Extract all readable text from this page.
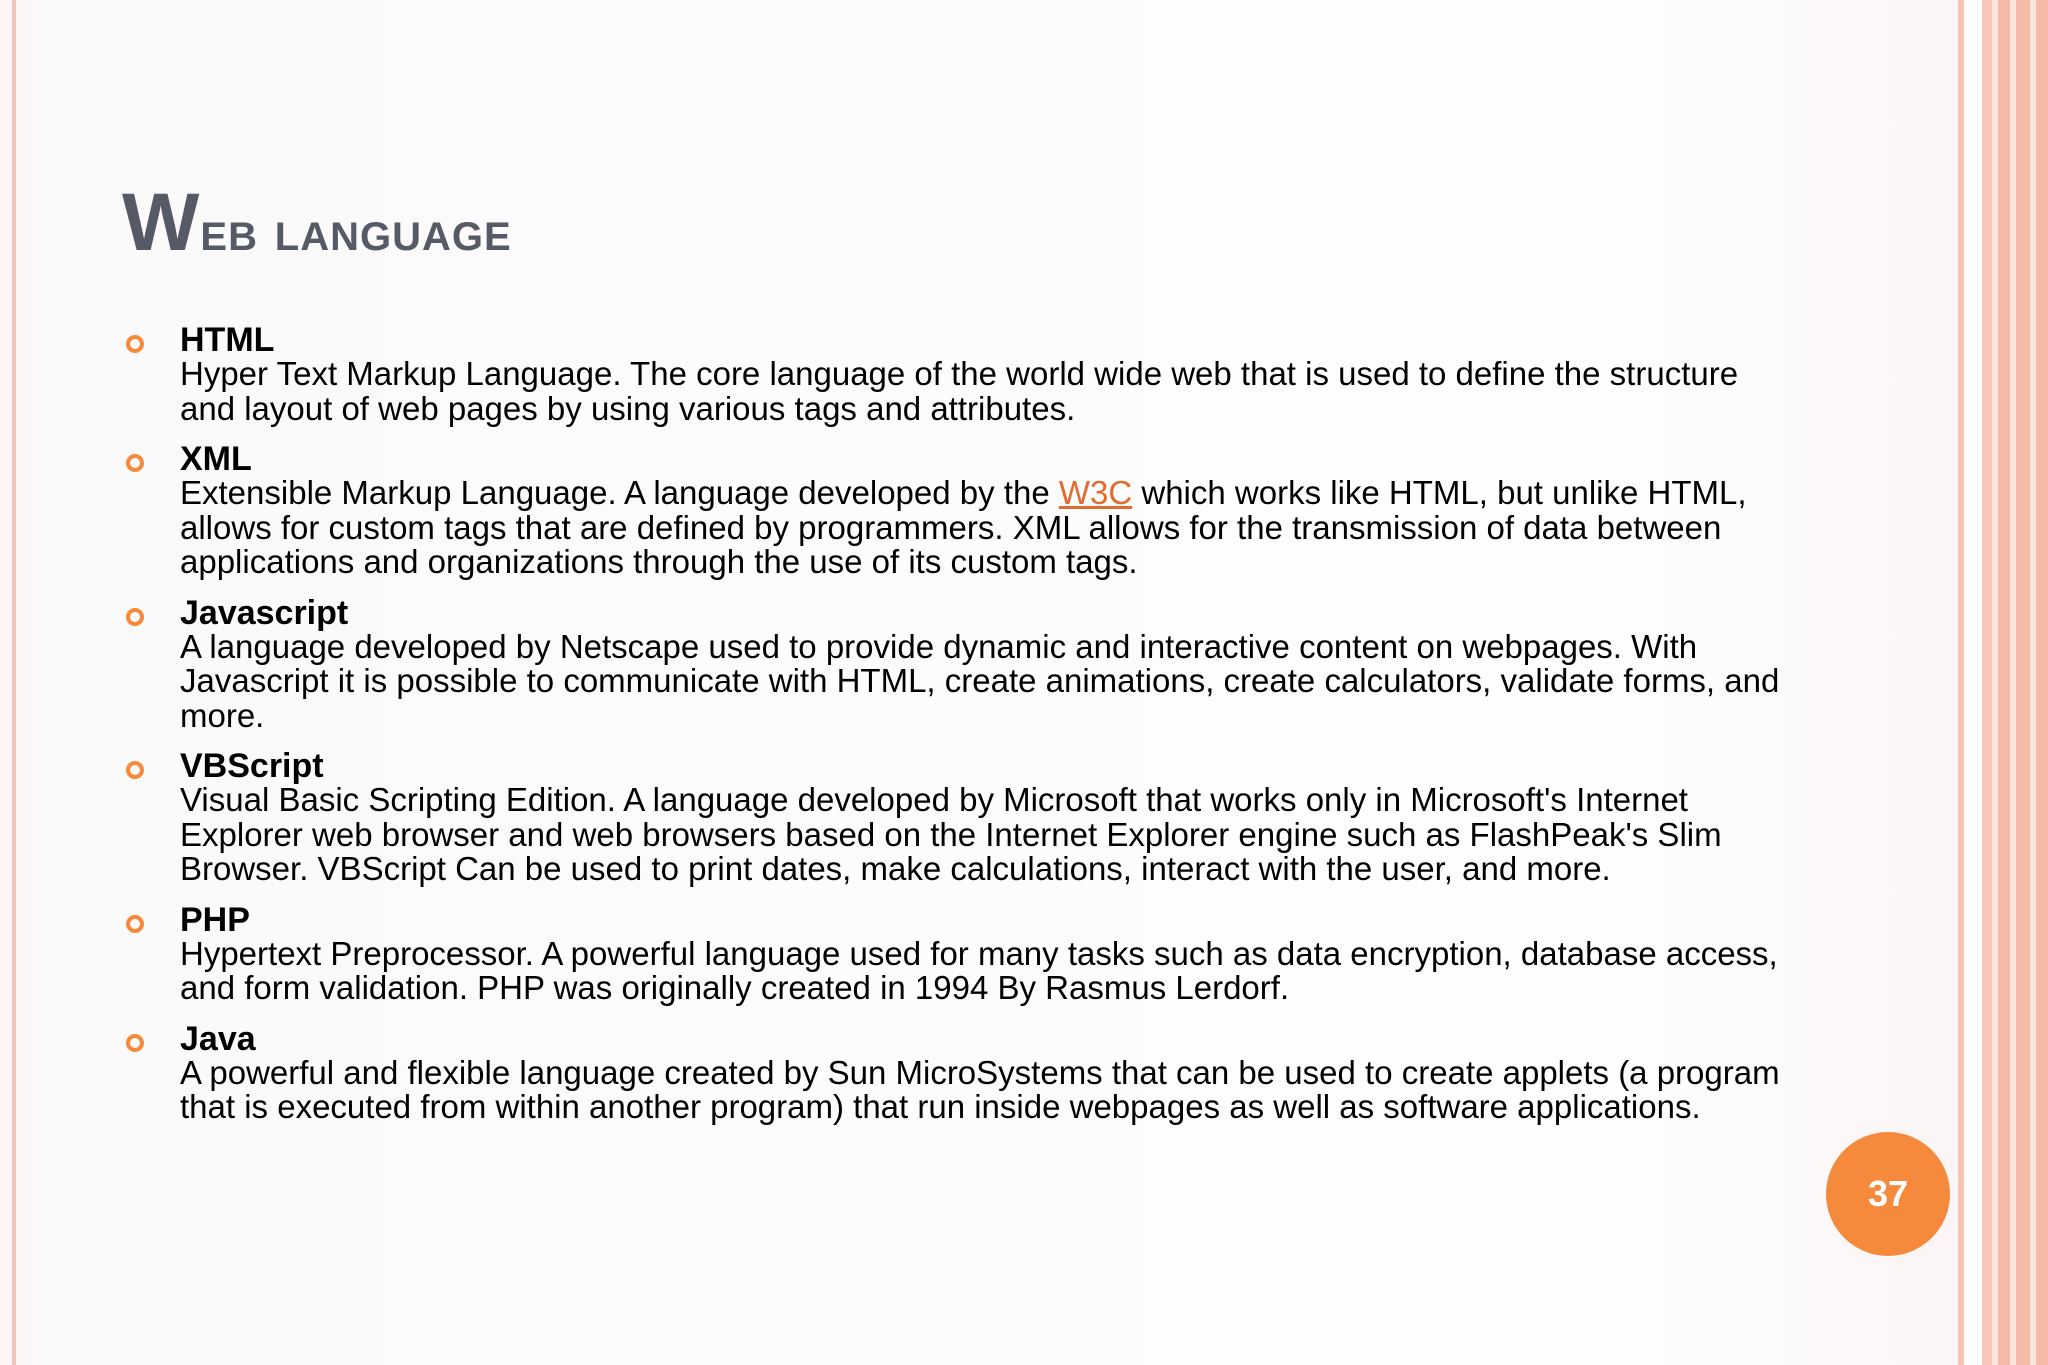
Web language
HTML
Hyper Text Markup Language. The core language of the world wide web that is used to define the structure and layout of web pages by using various tags and attributes.
XML
Extensible Markup Language. A language developed by the W3C which works like HTML, but unlike HTML, allows for custom tags that are defined by programmers. XML allows for the transmission of data between applications and organizations through the use of its custom tags.
Javascript
A language developed by Netscape used to provide dynamic and interactive content on webpages. With Javascript it is possible to communicate with HTML, create animations, create calculators, validate forms, and more.
VBScript
Visual Basic Scripting Edition. A language developed by Microsoft that works only in Microsoft's Internet Explorer web browser and web browsers based on the Internet Explorer engine such as FlashPeak's Slim Browser. VBScript Can be used to print dates, make calculations, interact with the user, and more.
PHP
Hypertext Preprocessor. A powerful language used for many tasks such as data encryption, database access, and form validation. PHP was originally created in 1994 By Rasmus Lerdorf.
Java
A powerful and flexible language created by Sun MicroSystems that can be used to create applets (a program that is executed from within another program) that run inside webpages as well as software applications.
37
